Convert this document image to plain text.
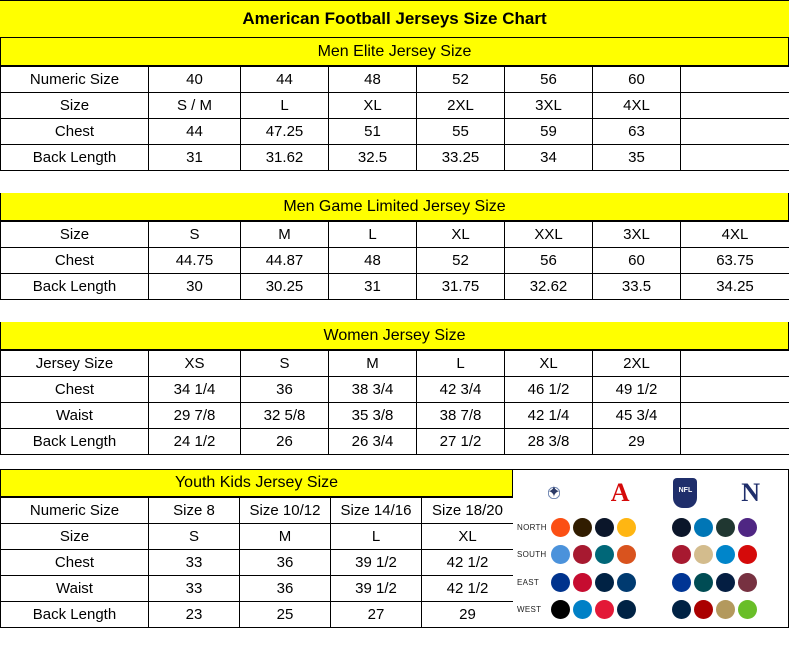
American Football Jerseys Size Chart
Men Elite Jersey Size
Numeric Size	40	44	48	52	56	60	
Size	S / M	L	XL	2XL	3XL	4XL	
Chest	44	47.25	51	55	59	63	
Back Length	31	31.62	32.5	33.25	34	35	
Men Game Limited Jersey Size
Size	S	M	L	XL	XXL	3XL	4XL
Chest	44.75	44.87	48	52	56	60	63.75
Back Length	30	30.25	31	31.75	32.62	33.5	34.25
Women Jersey Size
Jersey Size	XS	S	M	L	XL	2XL	
Chest	34 1/4	36	38 3/4	42 3/4	46 1/2	49 1/2	
Waist	29 7/8	32 5/8	35 3/8	38 7/8	42 1/4	45 3/4	
Back Length	24 1/2	26	26 3/4	27 1/2	28 3/8	29	
Youth Kids Jersey Size
Numeric Size	Size 8	Size 10/12	Size 14/16	Size 18/20
Size	S	M	L	XL
Chest	33	36	39 1/2	42 1/2
Waist	33	36	39 1/2	42 1/2
Back Length	23	25	27	29
✦
A NFL	N
NORTH
SOUTH
EAST
WEST
